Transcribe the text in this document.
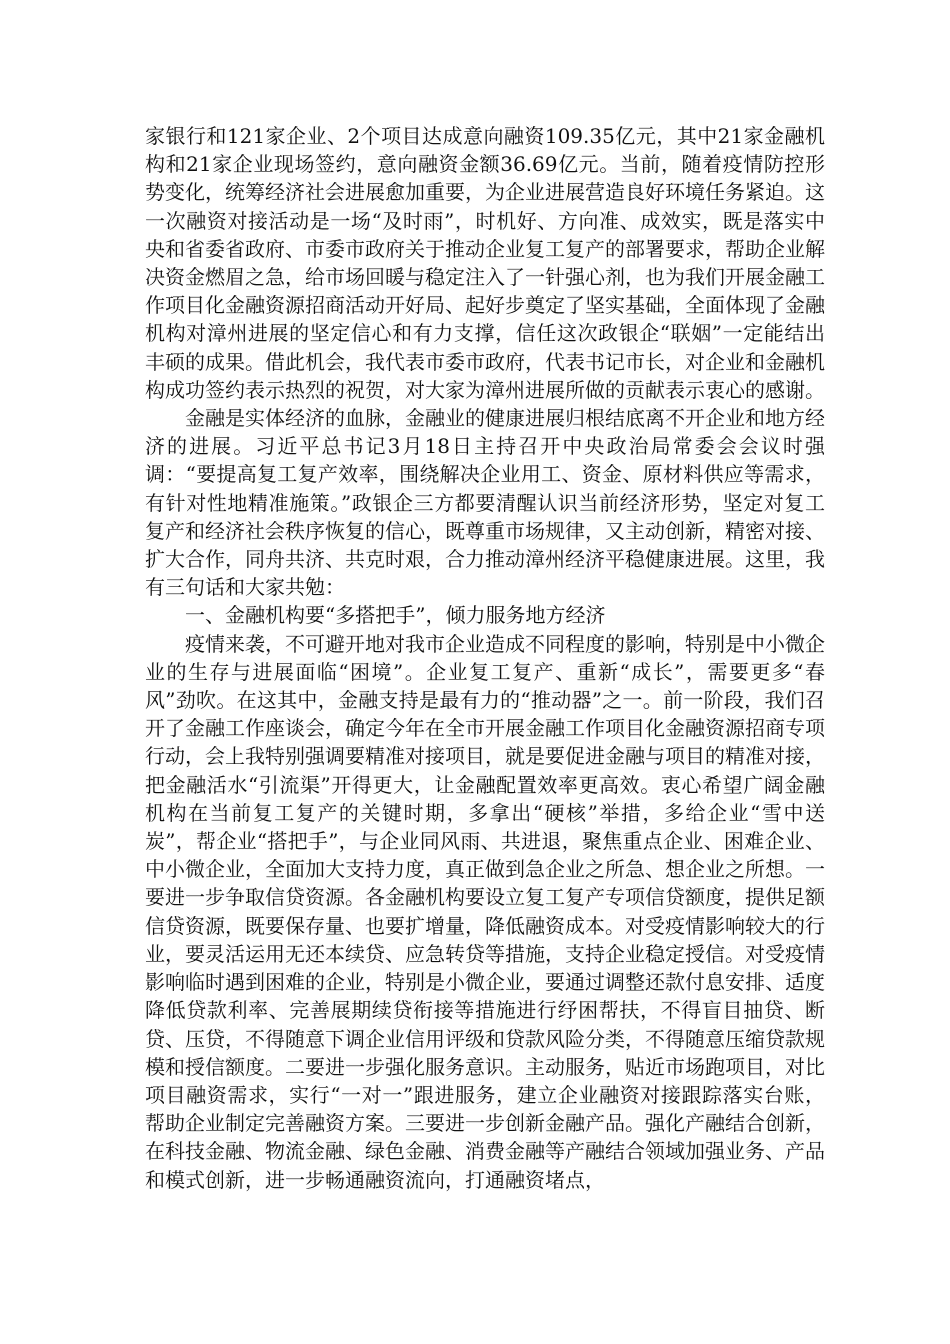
家银行和121家企业、2个项目达成意向融资109.35亿元，其中21家金融机构和21家企业现场签约，意向融资金额36.69亿元。当前，随着疫情防控形势变化，统筹经济社会进展愈加重要，为企业进展营造良好环境任务紧迫。这一次融资对接活动是一场“及时雨”，时机好、方向准、成效实，既是落实中央和省委省政府、市委市政府关于推动企业复工复产的部署要求，帮助企业解决资金燃眉之急，给市场回暖与稳定注入了一针强心剂，也为我们开展金融工作项目化金融资源招商活动开好局、起好步奠定了坚实基础，全面体现了金融机构对漳州进展的坚定信心和有力支撑，信任这次政银企“联姻”一定能结出丰硕的成果。借此机会，我代表市委市政府，代表书记市长，对企业和金融机构成功签约表示热烈的祝贺，对大家为漳州进展所做的贡献表示衷心的感谢。

金融是实体经济的血脉，金融业的健康进展归根结底离不开企业和地方经济的进展。习近平总书记3月18日主持召开中央政治局常委会会议时强调：“要提高复工复产效率，围绕解决企业用工、资金、原材料供应等需求，有针对性地精准施策。”政银企三方都要清醒认识当前经济形势，坚定对复工复产和经济社会秩序恢复的信心，既尊重市场规律，又主动创新，精密对接、扩大合作，同舟共济、共克时艰，合力推动漳州经济平稳健康进展。这里，我有三句话和大家共勉：

一、金融机构要“多搭把手”，倾力服务地方经济

疫情来袭，不可避开地对我市企业造成不同程度的影响，特别是中小微企业的生存与进展面临“困境”。企业复工复产、重新“成长”，需要更多“春风”劲吹。在这其中，金融支持是最有力的“推动器”之一。前一阶段，我们召开了金融工作座谈会，确定今年在全市开展金融工作项目化金融资源招商专项行动，会上我特别强调要精准对接项目，就是要促进金融与项目的精准对接，把金融活水“引流渠”开得更大，让金融配置效率更高效。衷心希望广阔金融机构在当前复工复产的关键时期，多拿出“硬核”举措，多给企业“雪中送炭”，帮企业“搭把手”，与企业同风雨、共进退，聚焦重点企业、困难企业、中小微企业，全面加大支持力度，真正做到急企业之所急、想企业之所想。一要进一步争取信贷资源。各金融机构要设立复工复产专项信贷额度，提供足额信贷资源，既要保存量、也要扩增量，降低融资成本。对受疫情影响较大的行业，要灵活运用无还本续贷、应急转贷等措施，支持企业稳定授信。对受疫情影响临时遇到困难的企业，特别是小微企业，要通过调整还款付息安排、适度降低贷款利率、完善展期续贷衔接等措施进行纾困帮扶，不得盲目抽贷、断贷、压贷，不得随意下调企业信用评级和贷款风险分类，不得随意压缩贷款规模和授信额度。二要进一步强化服务意识。主动服务，贴近市场跑项目，对比项目融资需求，实行“一对一”跟进服务，建立企业融资对接跟踪落实台账，帮助企业制定完善融资方案。三要进一步创新金融产品。强化产融结合创新，在科技金融、物流金融、绿色金融、消费金融等产融结合领域加强业务、产品和模式创新，进一步畅通融资流向，打通融资堵点，
